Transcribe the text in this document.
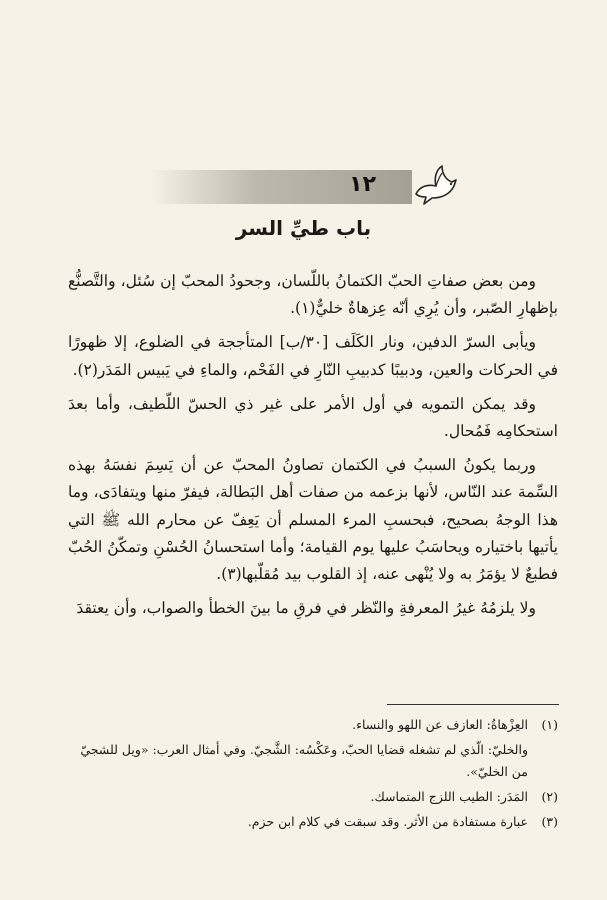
١٢
باب طيِّ السر

ومن بعض صفاتِ الحبّ الكتمانُ باللّسان، وجحودُ المحبّ إن سُئل، والتَّصنُّع بإظهارِ الصّبر، وأن يُرِي أنّه عِزهاةٌ خليٌّ(١).

ويأبى السرّ الدفين، ونار الكَلَف [٣٠/ب] المتأججة في الضلوع، إلا ظهورًا في الحركات والعين، ودبيبًا كدبيبِ النّارِ في الفَحْم، والماءِ في يَبيس المَدَر(٢).

وقد يمكن التمويه في أول الأمر على غير ذي الحسّ اللّطيف، وأما بعدَ استحكامِه فَمُحال.

وربما يكونُ السببُ في الكتمان تصاونُ المحبّ عن أن يَسِمَ نفسَهُ بهذه السِّمة عند النّاس، لأنها بزعمه من صفات أهل البَطالة، فيفرّ منها ويتفادَى، وما هذا الوجهُ بصحيح، فبحسبِ المرء المسلم أن يَعِفّ عن محارم الله ﷺ التي يأتيها باختياره ويحاسَبُ عليها يوم القيامة؛ وأما استحسانُ الحُسْنِ وتمكّنُ الحُبّ فطبعٌ لا يؤمَرُ به ولا يُنْهى عنه، إذ القلوب بيد مُقلّبها(٣).

ولا يلزمُهُ غيرُ المعرفةِ والنّظر في فرقِ ما بينَ الخطأ والصواب، وأن يعتقدَ

(١)العِزْهاةُ: العازف عن اللهو والنساء.
والخليّ: الّذي لم تشغله قضايا الحبّ، وعَكْسُه: الشَّجيّ. وفي أمثال العرب: «ويل للشجيّ من الخليّ».
(٢)المَدَر: الطيب اللزج المتماسك.
(٣)عبارة مستفادة من الأثر. وقد سبقت في كلام ابن حزم.
